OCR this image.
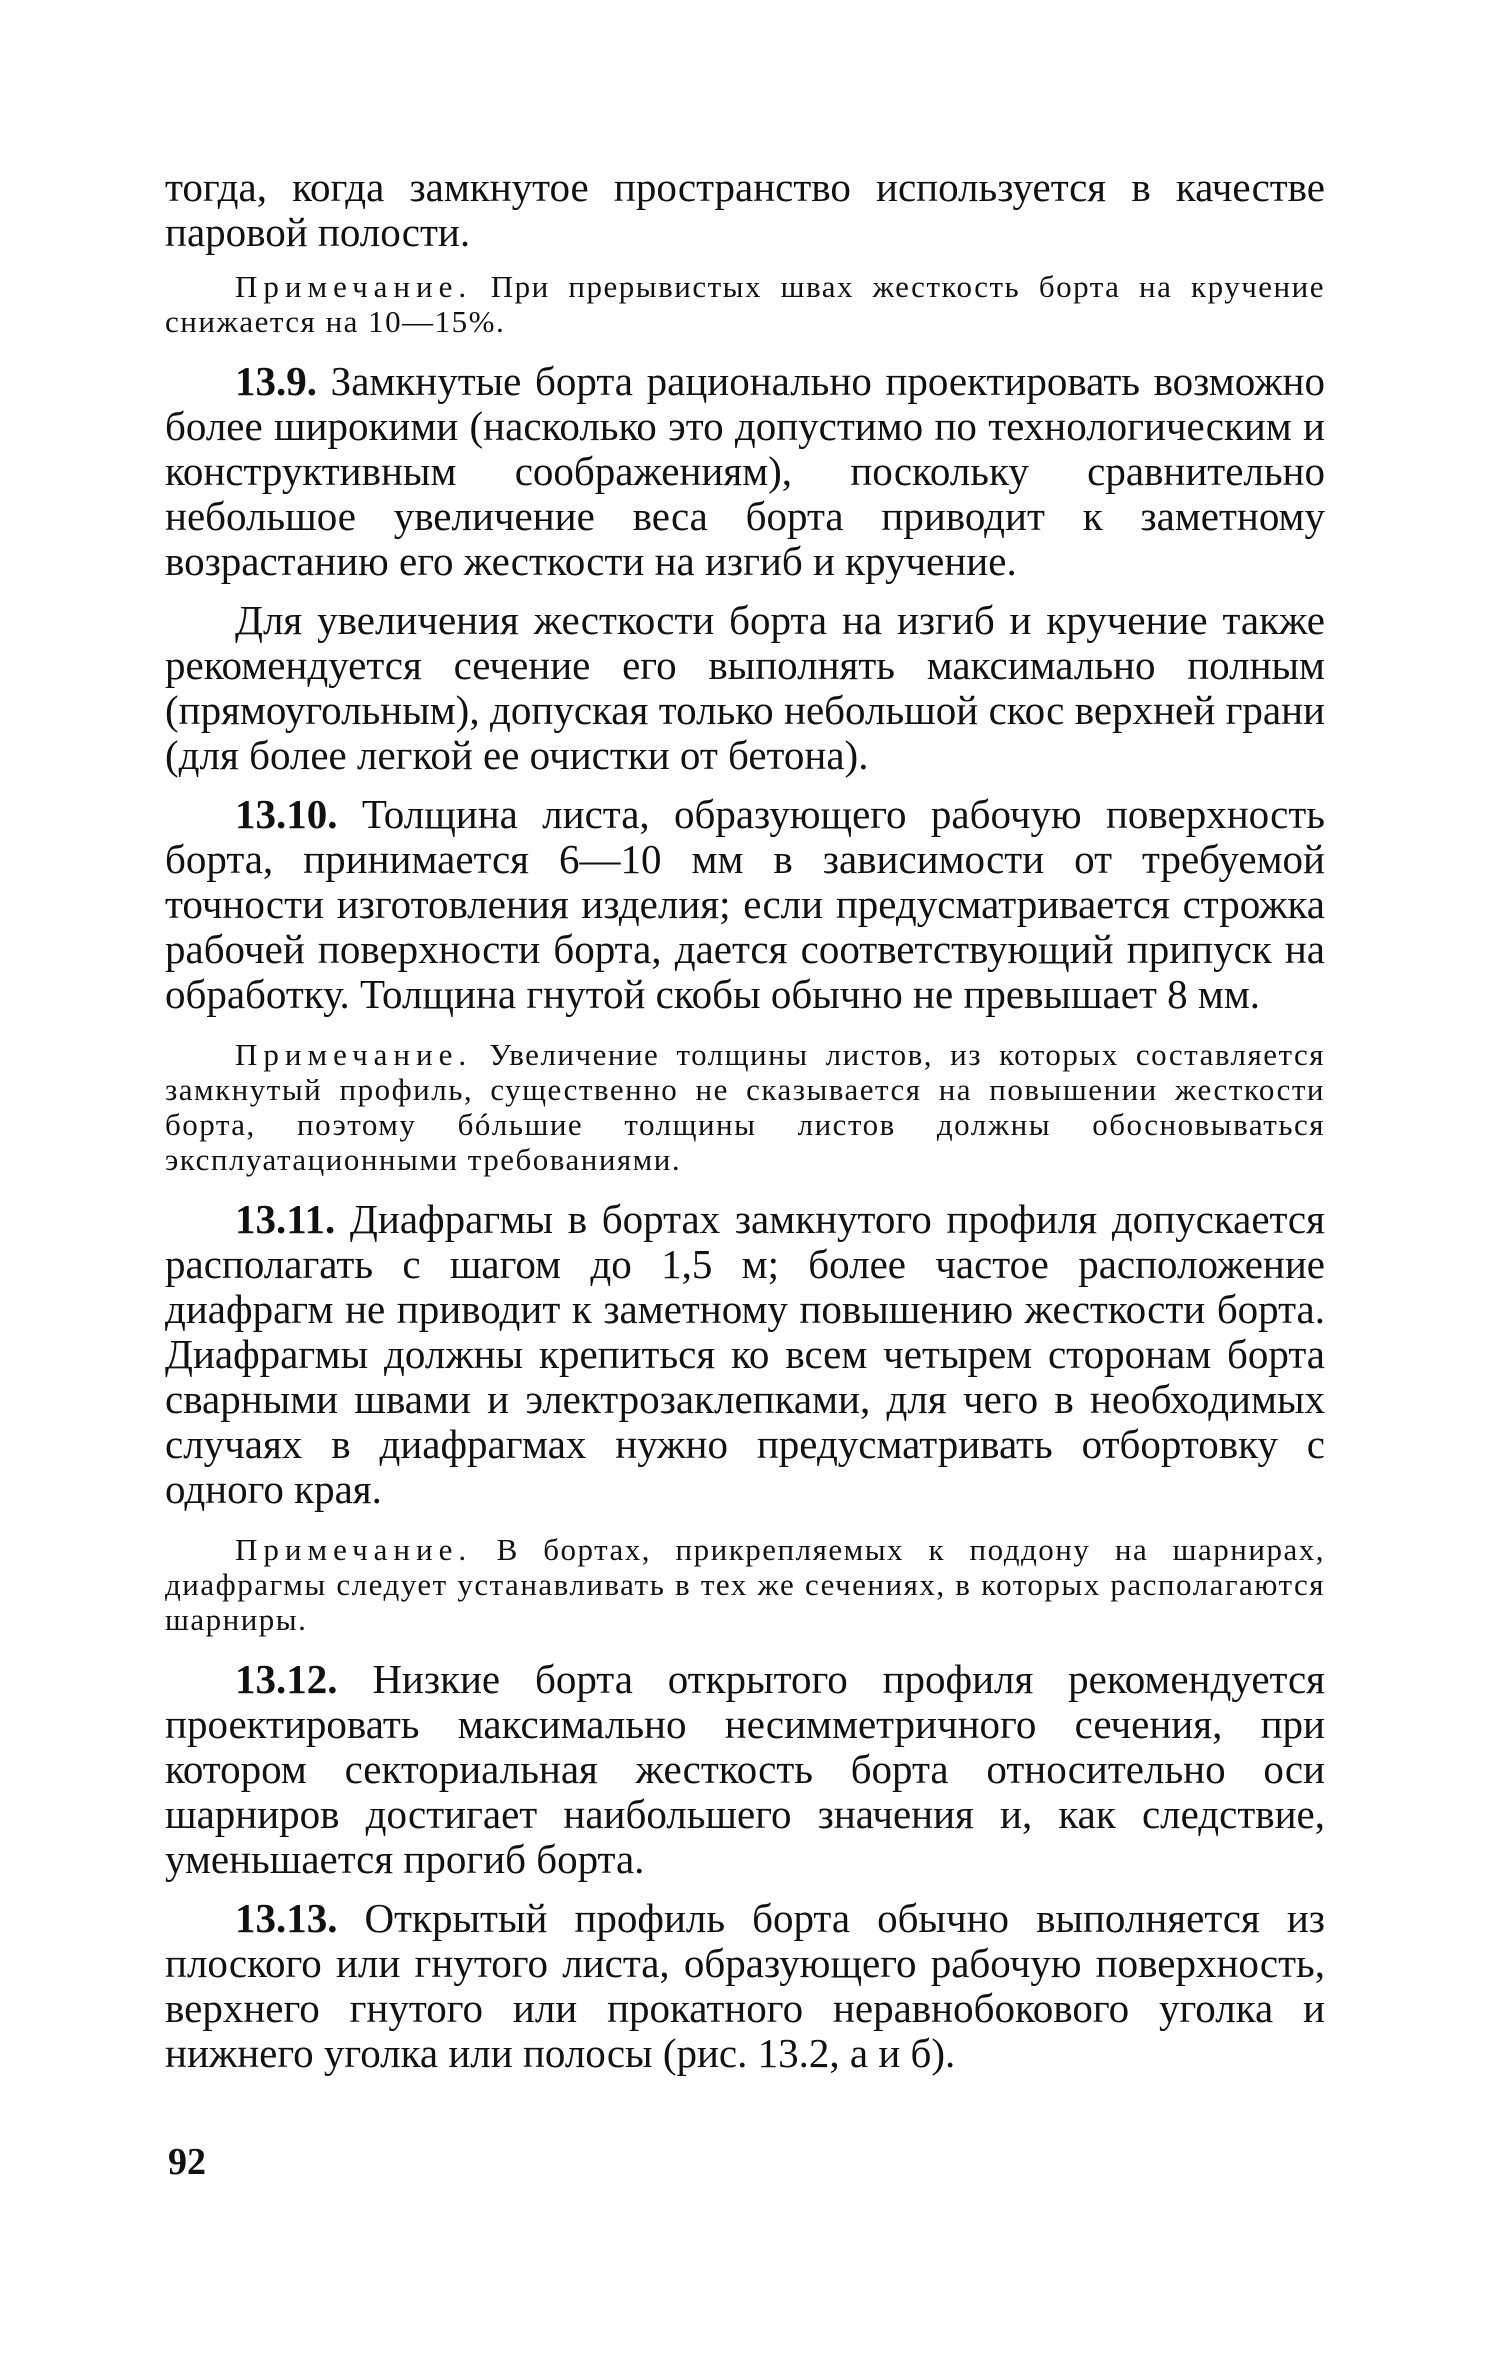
тогда, когда замкнутое пространство используется в качестве паровой полости.

Примечание. При прерывистых швах жесткость борта на кручение снижается на 10—15%.

13.9. Замкнутые борта рационально проектировать возможно более широкими (насколько это допустимо по технологическим и конструктивным соображениям), поскольку сравнительно небольшое увеличение веса борта приводит к заметному возрастанию его жесткости на изгиб и кручение.

Для увеличения жесткости борта на изгиб и кручение также рекомендуется сечение его выполнять максимально полным (прямоугольным), допуская только небольшой скос верхней грани (для более легкой ее очистки от бетона).

13.10. Толщина листа, образующего рабочую поверхность борта, принимается 6—10 мм в зависимости от требуемой точности изготовления изделия; если предусматривается строжка рабочей поверхности борта, дается соответствующий припуск на обработку. Толщина гнутой скобы обычно не превышает 8 мм.

Примечание. Увеличение толщины листов, из которых составляется замкнутый профиль, существенно не сказывается на повышении жесткости борта, поэтому бóльшие толщины листов должны обосновываться эксплуатационными требованиями.

13.11. Диафрагмы в бортах замкнутого профиля допускается располагать с шагом до 1,5 м; более частое расположение диафрагм не приводит к заметному повышению жесткости борта. Диафрагмы должны крепиться ко всем четырем сторонам борта сварными швами и электрозаклепками, для чего в необходимых случаях в диафрагмах нужно предусматривать отбортовку с одного края.

Примечание. В бортах, прикрепляемых к поддону на шарнирах, диафрагмы следует устанавливать в тех же сечениях, в которых располагаются шарниры.

13.12. Низкие борта открытого профиля рекомендуется проектировать максимально несимметричного сечения, при котором секториальная жесткость борта относительно оси шарниров достигает наибольшего значения и, как следствие, уменьшается прогиб борта.

13.13. Открытый профиль борта обычно выполняется из плоского или гнутого листа, образующего рабочую поверхность, верхнего гнутого или прокатного неравнобокового уголка и нижнего уголка или полосы (рис. 13.2, а и б).

92
